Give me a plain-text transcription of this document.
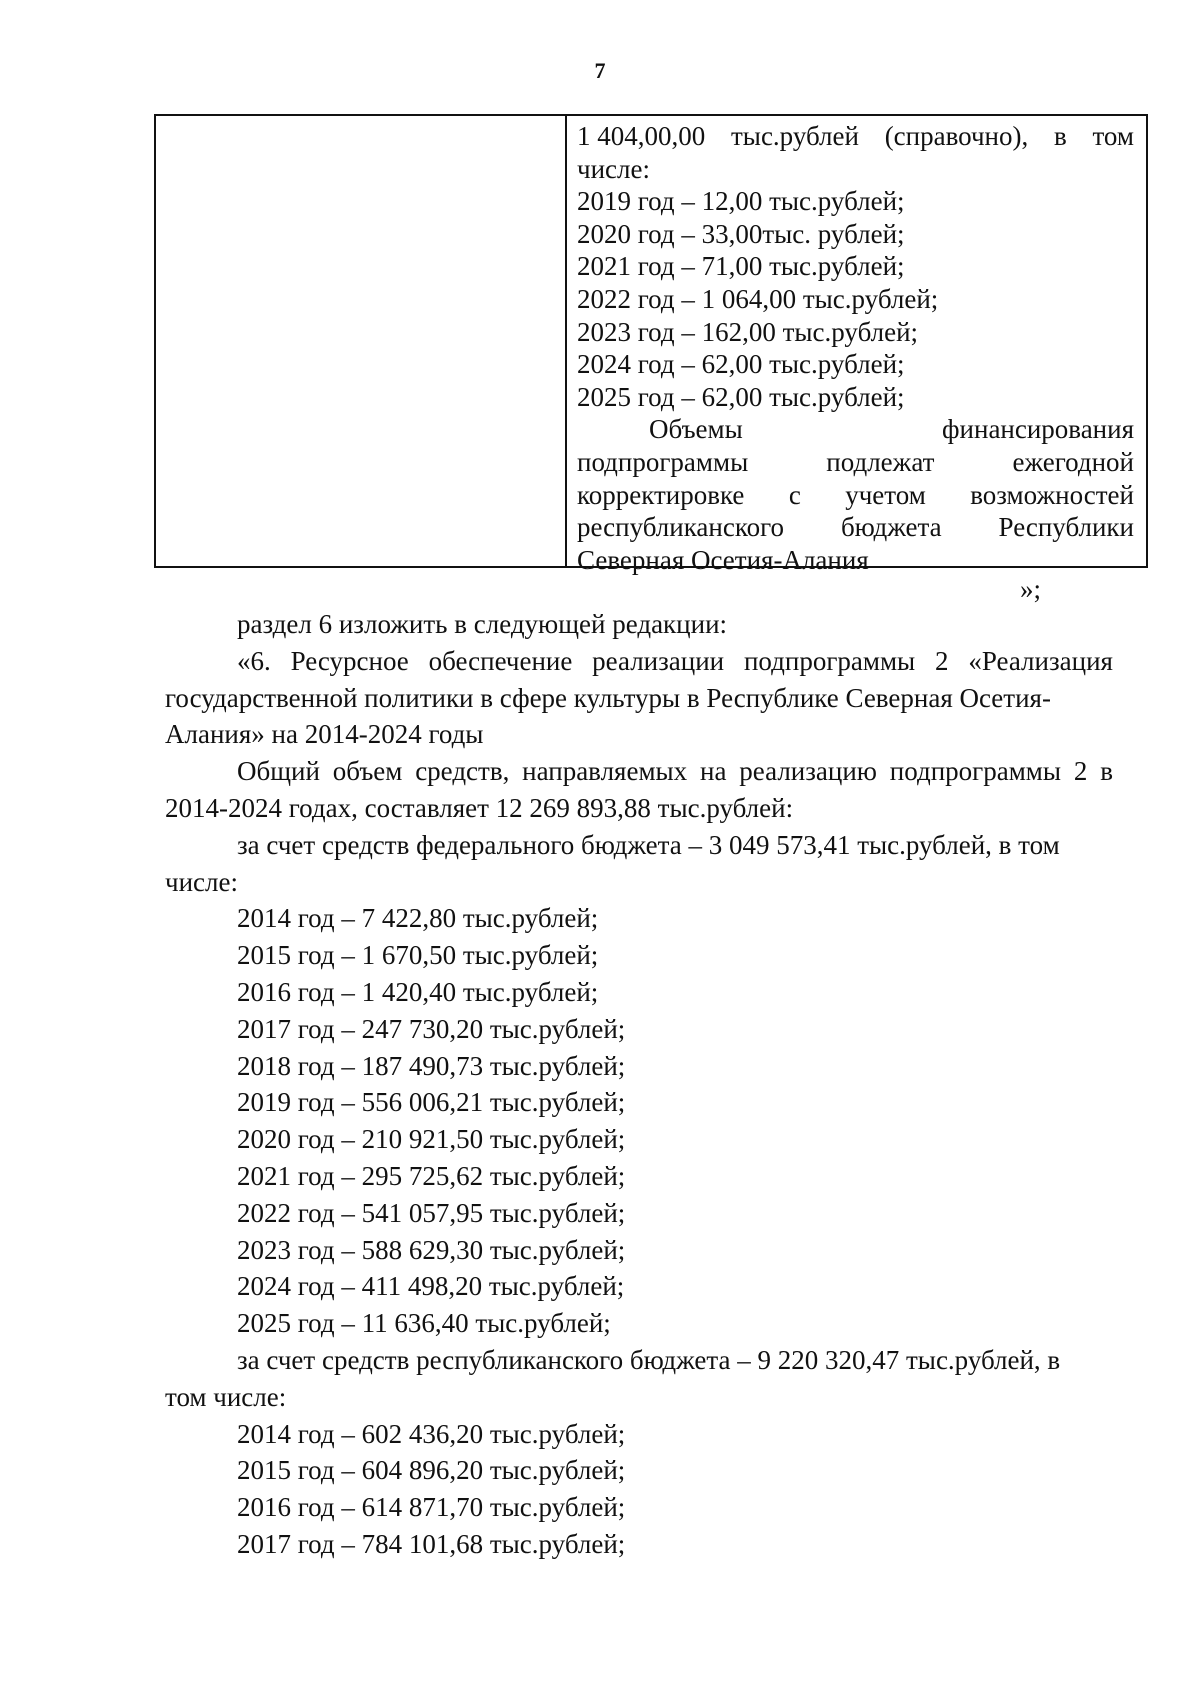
7
1 404,00,00 тыс.рублей (справочно), в том
числе:
2019 год – 12,00 тыс.рублей;
2020 год – 33,00тыс. рублей;
2021 год – 71,00 тыс.рублей;
2022 год – 1 064,00 тыс.рублей;
2023 год – 162,00 тыс.рублей;
2024 год – 62,00 тыс.рублей;
2025 год – 62,00 тыс.рублей;
Объемы	финансирования
подпрограммы	подлежат	ежегодной
корректировке с учетом возможностей
республиканского бюджета Республики
Северная Осетия-Алания
»;
раздел 6 изложить в следующей редакции:
«6. Ресурсное обеспечение реализации подпрограммы 2 «Реализация
государственной политики в сфере культуры в Республике Северная Осетия-
Алания» на 2014-2024 годы
Общий объем средств, направляемых на реализацию подпрограммы 2 в
2014-2024 годах, составляет 12 269 893,88 тыс.рублей:
за счет средств федерального бюджета – 3 049 573,41 тыс.рублей, в том
числе:
2014 год – 7 422,80 тыс.рублей;
2015 год – 1 670,50 тыс.рублей;
2016 год – 1 420,40 тыс.рублей;
2017 год – 247 730,20 тыс.рублей;
2018 год – 187 490,73 тыс.рублей;
2019 год – 556 006,21 тыс.рублей;
2020 год – 210 921,50 тыс.рублей;
2021 год – 295 725,62 тыс.рублей;
2022 год – 541 057,95 тыс.рублей;
2023 год – 588 629,30 тыс.рублей;
2024 год – 411 498,20 тыс.рублей;
2025 год – 11 636,40 тыс.рублей;
за счет средств республиканского бюджета – 9 220 320,47 тыс.рублей, в
том числе:
2014 год – 602 436,20 тыс.рублей;
2015 год – 604 896,20 тыс.рублей;
2016 год – 614 871,70 тыс.рублей;
2017 год – 784 101,68 тыс.рублей;
